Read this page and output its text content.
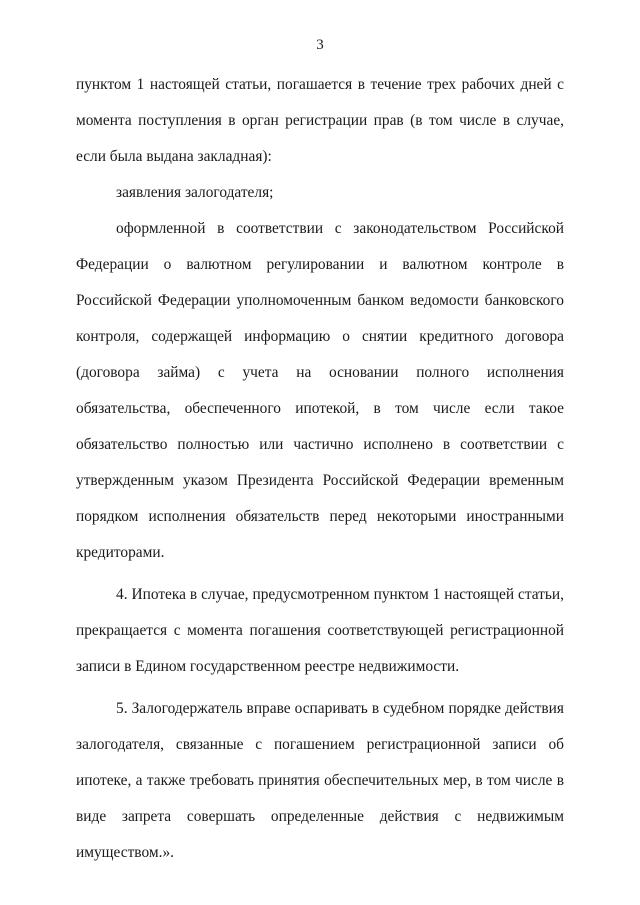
3

пунктом 1 настоящей статьи, погашается в течение трех рабочих дней с момента поступления в орган регистрации прав (в том числе в случае, если была выдана закладная):

заявления залогодателя;

оформленной в соответствии с законодательством Российской Федерации о валютном регулировании и валютном контроле в Российской Федерации уполномоченным банком ведомости банковского контроля, содержащей информацию о снятии кредитного договора (договора займа) с учета на основании полного исполнения обязательства, обеспеченного ипотекой, в том числе если такое обязательство полностью или частично исполнено в соответствии с утвержденным указом Президента Российской Федерации временным порядком исполнения обязательств перед некоторыми иностранными кредиторами.

4. Ипотека в случае, предусмотренном пунктом 1 настоящей статьи, прекращается с момента погашения соответствующей регистрационной записи в Едином государственном реестре недвижимости.

5. Залогодержатель вправе оспаривать в судебном порядке действия залогодателя, связанные с погашением регистрационной записи об ипотеке, а также требовать принятия обеспечительных мер, в том числе в виде запрета совершать определенные действия с недвижимым имуществом.».
